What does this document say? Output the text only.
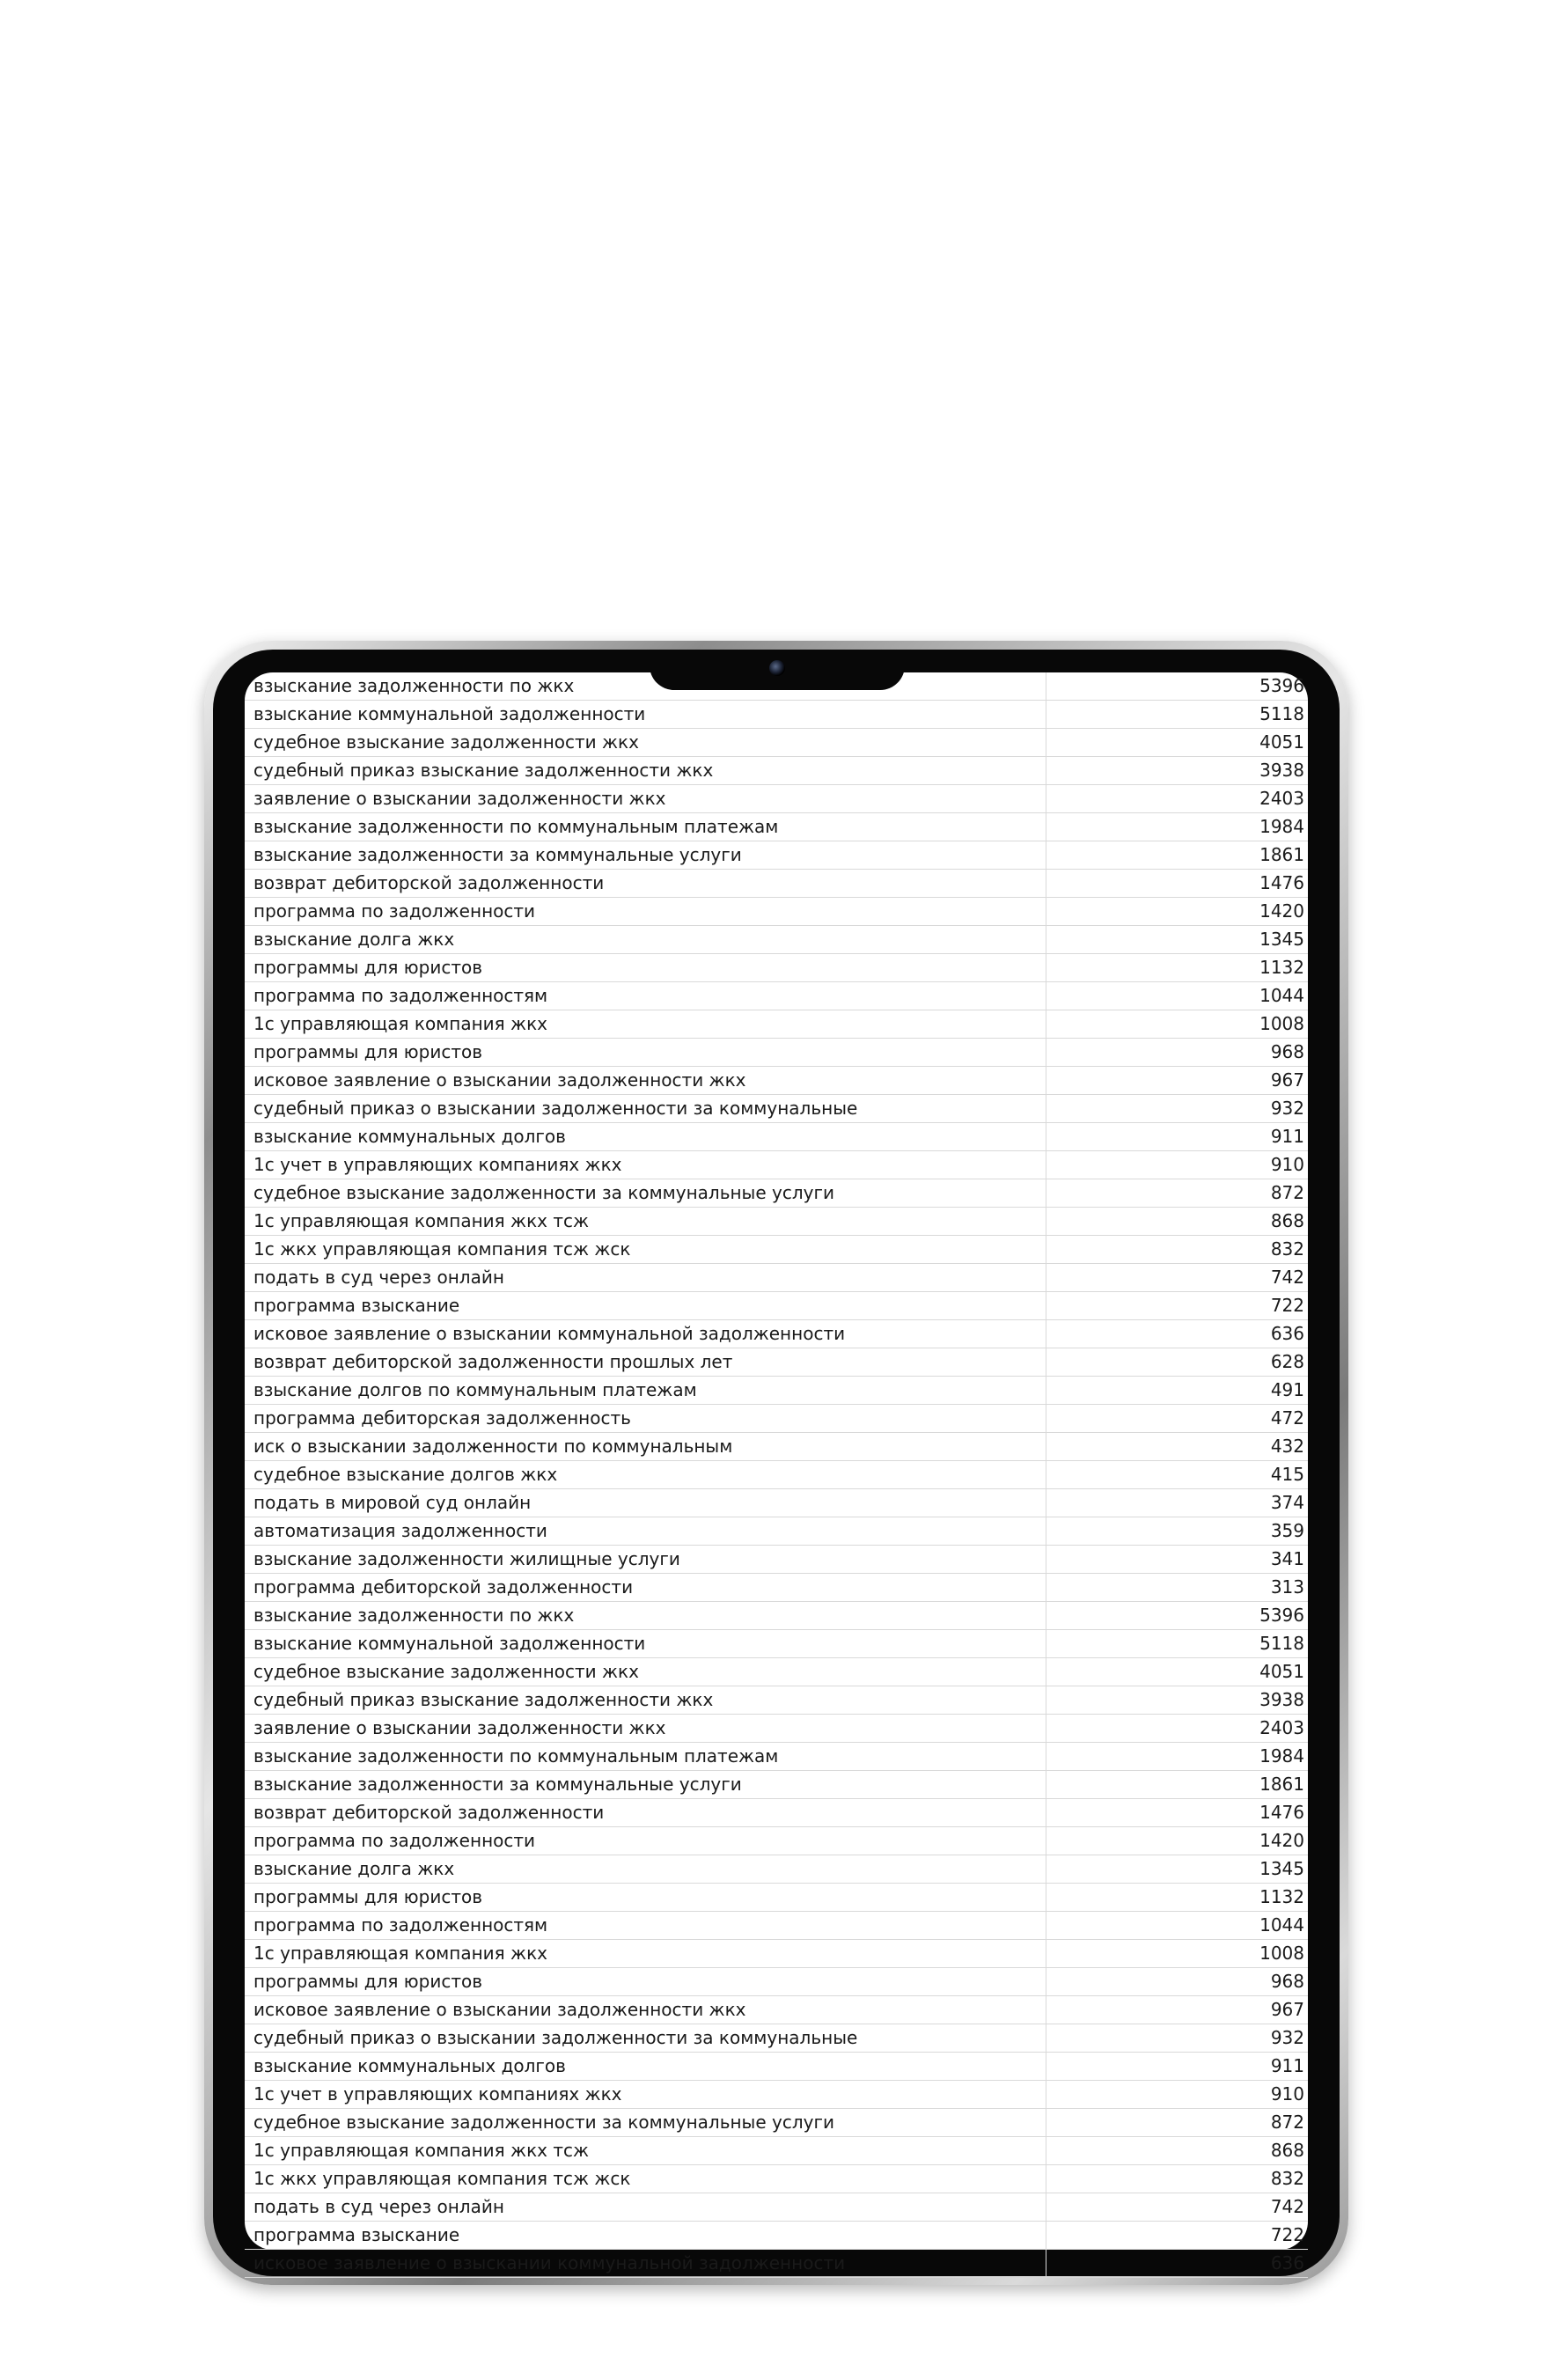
взыскание задолженности по жкх	5396
взыскание коммунальной задолженности	5118
судебное взыскание задолженности жкх	4051
судебный приказ взыскание задолженности жкх	3938
заявление о взыскании задолженности жкх	2403
взыскание задолженности по коммунальным платежам	1984
взыскание задолженности за коммунальные услуги	1861
возврат дебиторской задолженности	1476
программа по задолженности	1420
взыскание долга жкх	1345
программы для юристов	1132
программа по задолженностям	1044
1с управляющая компания жкх	1008
программы для юристов	968
исковое заявление о взыскании задолженности жкх	967
судебный приказ о взыскании задолженности за коммунальные	932
взыскание коммунальных долгов	911
1с учет в управляющих компаниях жкх	910
судебное взыскание задолженности за коммунальные услуги	872
1с управляющая компания жкх тсж	868
1с жкх управляющая компания тсж жск	832
подать в суд через онлайн	742
программа взыскание	722
исковое заявление о взыскании коммунальной задолженности	636
возврат дебиторской задолженности прошлых лет	628
взыскание долгов по коммунальным платежам	491
программа дебиторская задолженность	472
иск о взыскании задолженности по коммунальным	432
судебное взыскание долгов жкх	415
подать в мировой суд онлайн	374
автоматизация задолженности	359
взыскание задолженности жилищные услуги	341
программа дебиторской задолженности	313
взыскание задолженности по жкх	5396
взыскание коммунальной задолженности	5118
судебное взыскание задолженности жкх	4051
судебный приказ взыскание задолженности жкх	3938
заявление о взыскании задолженности жкх	2403
взыскание задолженности по коммунальным платежам	1984
взыскание задолженности за коммунальные услуги	1861
возврат дебиторской задолженности	1476
программа по задолженности	1420
взыскание долга жкх	1345
программы для юристов	1132
программа по задолженностям	1044
1с управляющая компания жкх	1008
программы для юристов	968
исковое заявление о взыскании задолженности жкх	967
судебный приказ о взыскании задолженности за коммунальные	932
взыскание коммунальных долгов	911
1с учет в управляющих компаниях жкх	910
судебное взыскание задолженности за коммунальные услуги	872
1с управляющая компания жкх тсж	868
1с жкх управляющая компания тсж жск	832
подать в суд через онлайн	742
программа взыскание	722
исковое заявление о взыскании коммунальной задолженности	636
